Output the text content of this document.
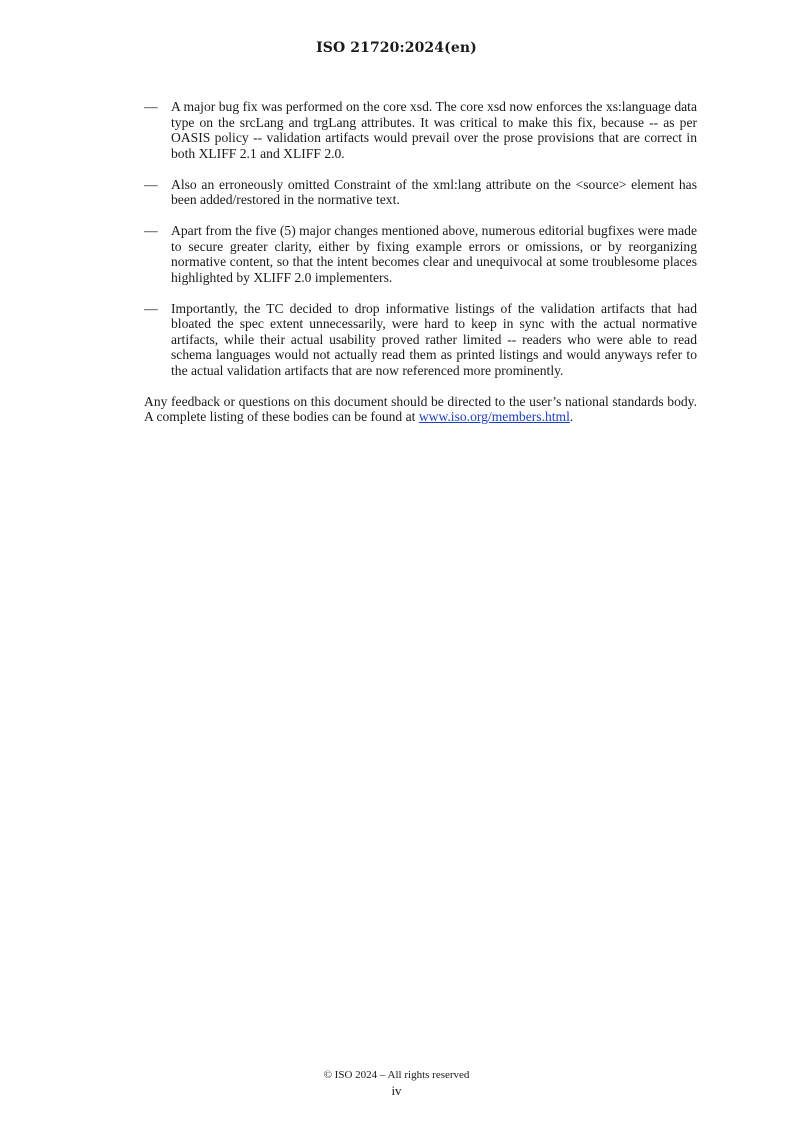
ISO 21720:2024(en)
— A major bug fix was performed on the core xsd. The core xsd now enforces the xs:language data type on the srcLang and trgLang attributes. It was critical to make this fix, because -- as per OASIS policy -- validation artifacts would prevail over the prose provisions that are correct in both XLIFF 2.1 and XLIFF 2.0.
— Also an erroneously omitted Constraint of the xml:lang attribute on the <source> element has been added/restored in the normative text.
— Apart from the five (5) major changes mentioned above, numerous editorial bugfixes were made to secure greater clarity, either by fixing example errors or omissions, or by reorganizing normative content, so that the intent becomes clear and unequivocal at some troublesome places highlighted by XLIFF 2.0 implementers.
— Importantly, the TC decided to drop informative listings of the validation artifacts that had bloated the spec extent unnecessarily, were hard to keep in sync with the actual normative artifacts, while their actual usability proved rather limited -- readers who were able to read schema languages would not actually read them as printed listings and would anyways refer to the actual validation artifacts that are now referenced more prominently.

Any feedback or questions on this document should be directed to the user’s national standards body. A complete listing of these bodies can be found at www.iso.org/members.html.

© ISO 2024 – All rights reserved
iv
